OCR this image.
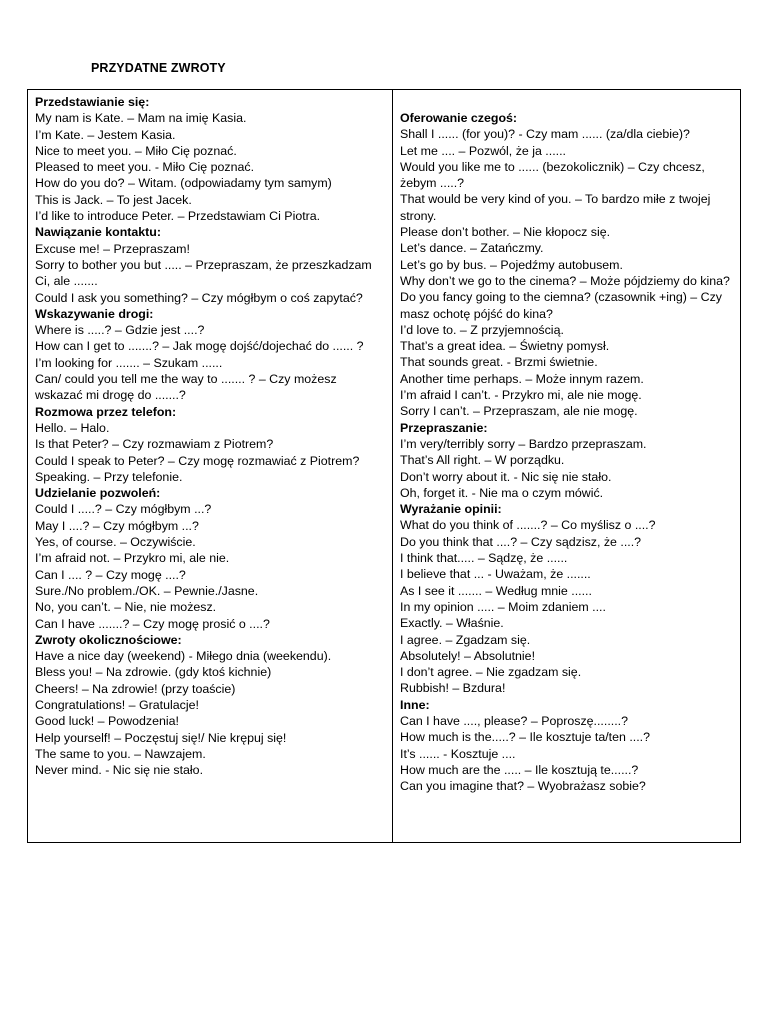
PRZYDATNE ZWROTY
Przedstawianie się:
My nam is Kate. – Mam na imię Kasia.
I’m Kate. – Jestem Kasia.
Nice to meet you. – Miło Cię poznać.
Pleased to meet you. - Miło Cię poznać.
How do you do? – Witam. (odpowiadamy tym samym)
This is Jack. – To jest Jacek.
I’d like to introduce Peter. – Przedstawiam Ci Piotra.
Nawiązanie kontaktu:
Excuse me! – Przepraszam!
Sorry to bother you but ..... – Przepraszam, że przeszkadzam Ci, ale .......
Could I ask you something? – Czy mógłbym o coś zapytać?
Wskazywanie drogi:
Where is .....? – Gdzie jest ....?
How can I get to .......? – Jak mogę dojść/dojechać do ...... ?
I’m looking for ....... – Szukam ......
Can/ could you tell me the way to ....... ? – Czy możesz wskazać mi drogę do .......?
Rozmowa przez telefon:
Hello. – Halo.
Is that Peter? – Czy rozmawiam z Piotrem?
Could I speak to Peter? – Czy mogę rozmawiać z Piotrem?
Speaking. – Przy telefonie.
Udzielanie pozwoleń:
Could I .....? – Czy mógłbym ...?
May I ....? – Czy mógłbym ...?
Yes, of course. – Oczywiście.
I’m afraid not. – Przykro mi, ale nie.
Can I .... ? – Czy mogę ....?
Sure./No problem./OK. – Pewnie./Jasne.
No, you can’t. – Nie, nie możesz.
Can I have .......? – Czy mogę prosić o ....?
Zwroty okolicznościowe:
Have a nice day (weekend) - Miłego dnia (weekendu).
Bless you! – Na zdrowie. (gdy ktoś kichnie)
Cheers! – Na zdrowie! (przy toaście)
Congratulations! – Gratulacje!
Good luck! – Powodzenia!
Help yourself! – Poczęstuj się!/ Nie krępuj się!
The same to you. – Nawzajem.
Never mind. - Nic się nie stało.
Oferowanie czegoś:
Shall I ...... (for you)? - Czy mam ...... (za/dla ciebie)?
Let me .... – Pozwól, że ja ......
Would you like me to ...... (bezokolicznik) – Czy chcesz, żebym .....?
That would be very kind of you. – To bardzo miłe z twojej strony.
Please don’t bother. – Nie kłopocz się.
Let’s dance. – Zatańczmy.
Let’s go by bus. – Pojedźmy autobusem.
Why don’t we go to the cinema? – Może pójdziemy do kina?
Do you fancy going to the ciemna? (czasownik +ing) – Czy masz ochotę pójść do kina?
I’d love to. – Z przyjemnością.
That’s a great idea. – Świetny pomysł.
That sounds great. - Brzmi świetnie.
Another time perhaps. – Może innym razem.
I’m afraid I can’t. - Przykro mi, ale nie mogę.
Sorry I can’t. – Przepraszam, ale nie mogę.
Przepraszanie:
I’m very/terribly sorry – Bardzo przepraszam.
That’s All right. – W porządku.
Don’t worry about it. - Nic się nie stało.
Oh, forget it. - Nie ma o czym mówić.
Wyrażanie opinii:
What do you think of .......? – Co myślisz o ....?
Do you think that ....? – Czy sądzisz, że ....?
I think that..... – Sądzę, że ......
I believe that ... - Uważam, że .......
As I see it ....... – Według mnie ......
In my opinion ..... – Moim zdaniem ....
Exactly. – Właśnie.
I agree. – Zgadzam się.
Absolutely! – Absolutnie!
I don’t agree. – Nie zgadzam się.
Rubbish! – Bzdura!
Inne:
Can I have ...., please? – Poproszę........?
How much is the.....? – Ile kosztuje ta/ten ....?
It’s ...... - Kosztuje ....
How much are the ..... – Ile kosztują te......?
Can you imagine that? – Wyobrażasz sobie?
